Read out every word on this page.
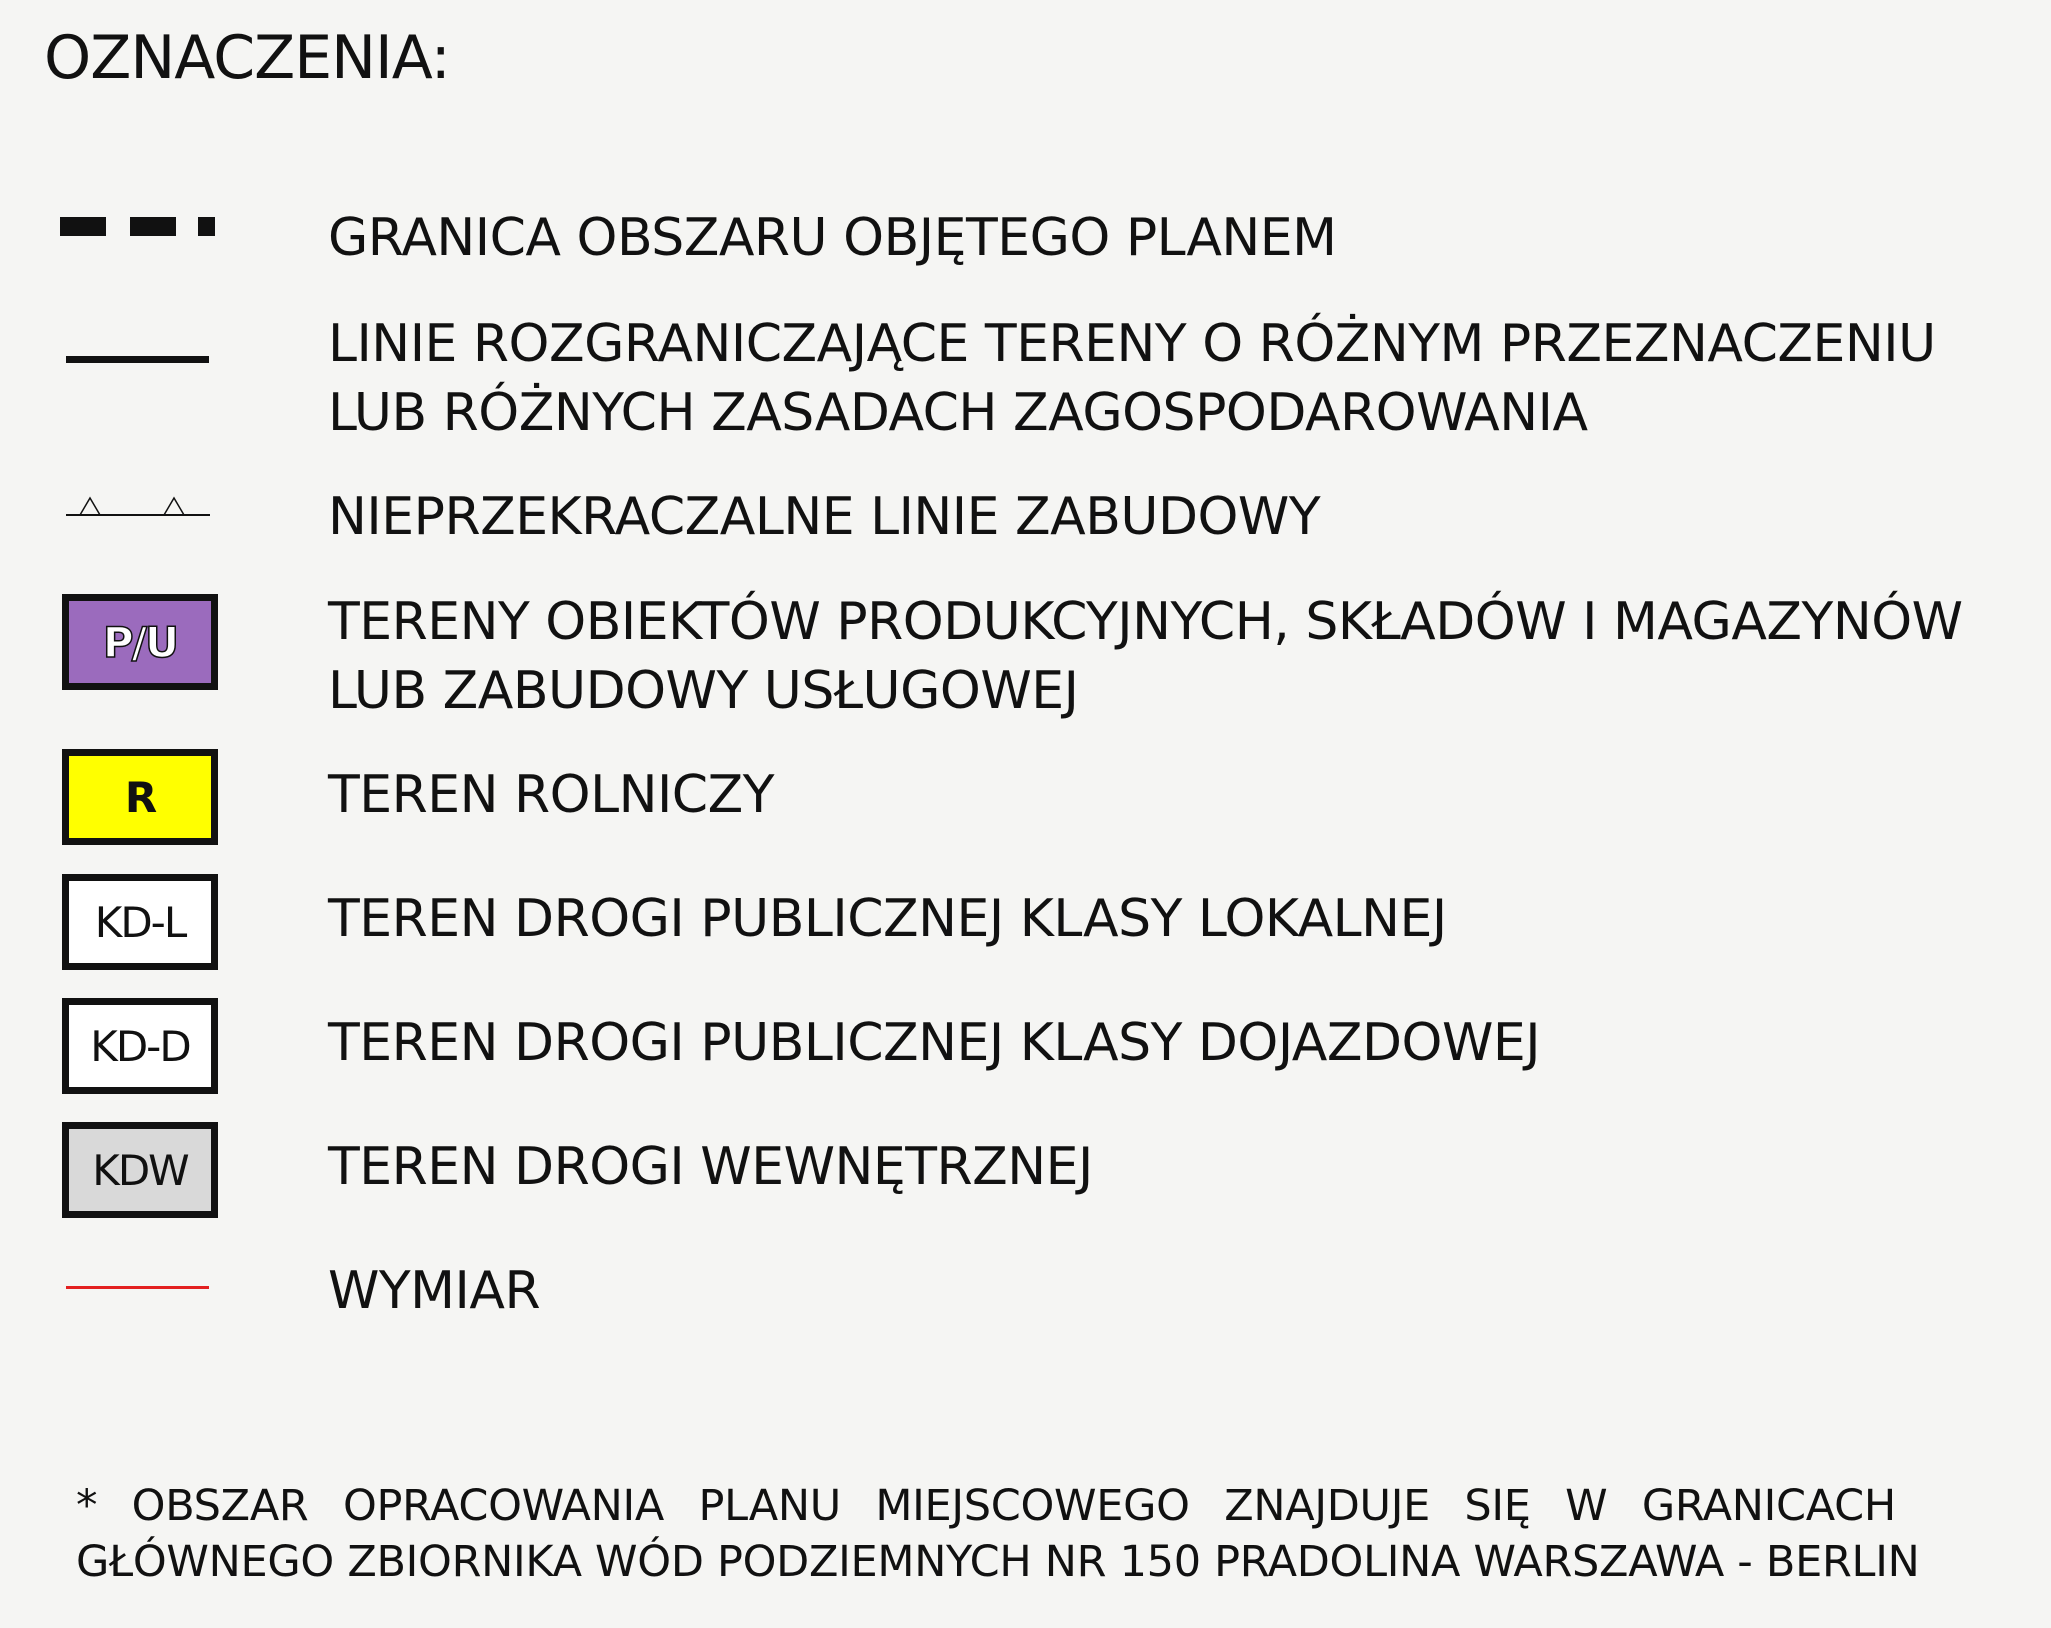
OZNACZENIA:
GRANICA OBSZARU OBJĘTEGO PLANEM
LINIE ROZGRANICZAJĄCE TERENY O RÓŻNYM PRZEZNACZENIU
LUB RÓŻNYCH ZASADACH ZAGOSPODAROWANIA
NIEPRZEKRACZALNE LINIE ZABUDOWY
P/U	TERENY OBIEKTÓW PRODUKCYJNYCH, SKŁADÓW I MAGAZYNÓW
LUB ZABUDOWY USŁUGOWEJ
R	TEREN ROLNICZY
KD-L	TEREN DROGI PUBLICZNEJ KLASY LOKALNEJ
KD-D	TEREN DROGI PUBLICZNEJ KLASY DOJAZDOWEJ
KDW	TEREN DROGI WEWNĘTRZNEJ
WYMIAR
* OBSZAR OPRACOWANIA PLANU MIEJSCOWEGO ZNAJDUJE SIĘ W GRANICACH
GŁÓWNEGO ZBIORNIKA WÓD PODZIEMNYCH NR 150 PRADOLINA WARSZAWA - BERLIN
